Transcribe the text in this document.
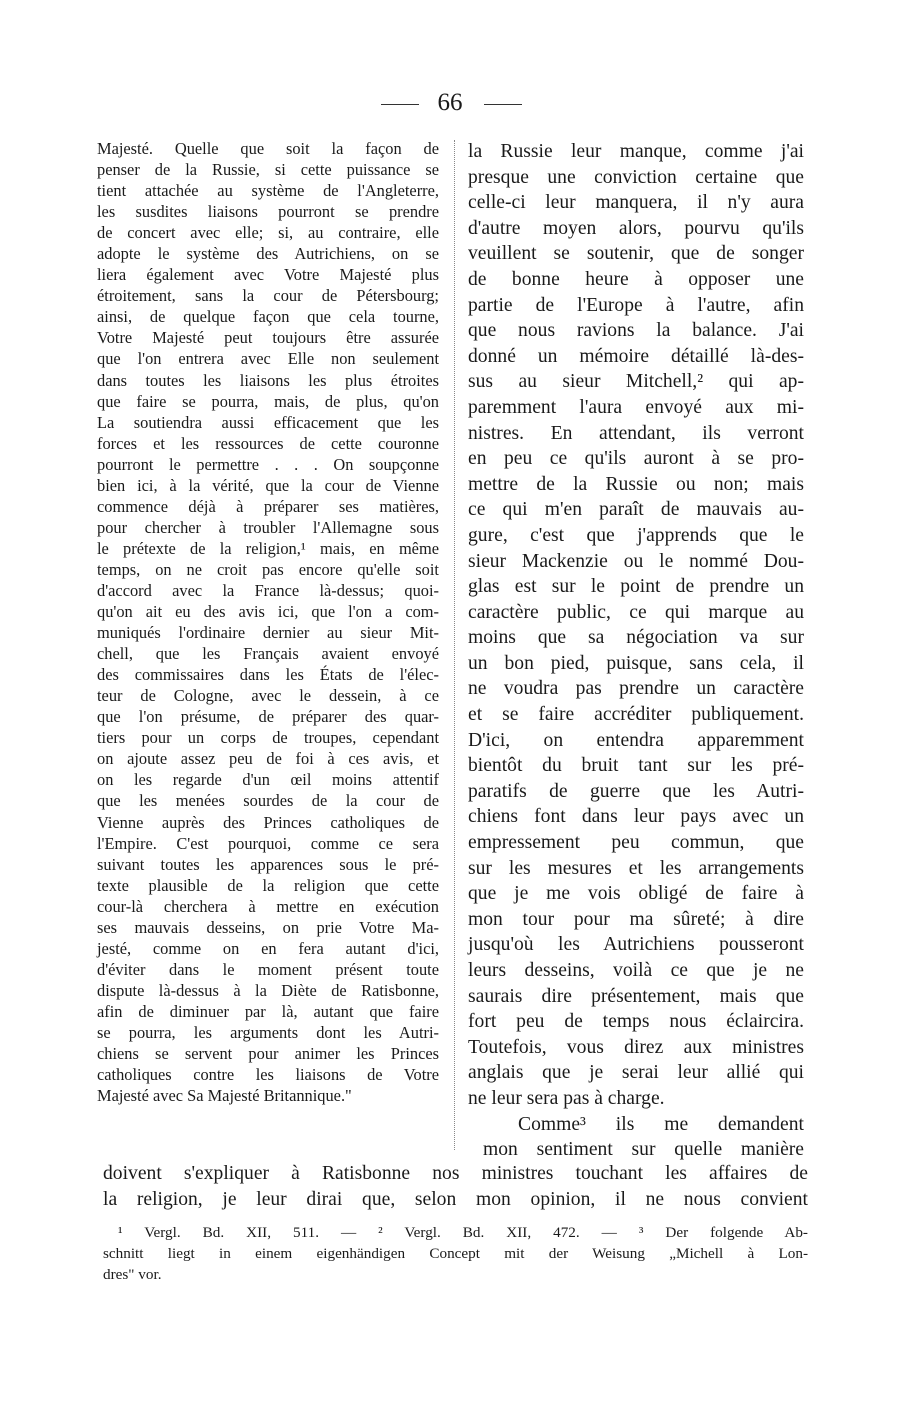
66
Majesté. Quelle que soit la façon de
penser de la Russie, si cette puissance se
tient attachée au système de l'Angleterre,
les susdites liaisons pourront se prendre
de concert avec elle; si, au contraire, elle
adopte le système des Autrichiens, on se
liera également avec Votre Majesté plus
étroitement, sans la cour de Pétersbourg;
ainsi, de quelque façon que cela tourne,
Votre Majesté peut toujours être assurée
que l'on entrera avec Elle non seulement
dans toutes les liaisons les plus étroites
que faire se pourra, mais, de plus, qu'on
La soutiendra aussi efficacement que les
forces et les ressources de cette couronne
pourront le permettre . . . On soupçonne
bien ici, à la vérité, que la cour de Vienne
commence déjà à préparer ses matières,
pour chercher à troubler l'Allemagne sous
le prétexte de la religion,¹ mais, en même
temps, on ne croit pas encore qu'elle soit
d'accord avec la France là-dessus; quoi-
qu'on ait eu des avis ici, que l'on a com-
muniqués l'ordinaire dernier au sieur Mit-
chell, que les Français avaient envoyé
des commissaires dans les États de l'élec-
teur de Cologne, avec le dessein, à ce
que l'on présume, de préparer des quar-
tiers pour un corps de troupes, cependant
on ajoute assez peu de foi à ces avis, et
on les regarde d'un œil moins attentif
que les menées sourdes de la cour de
Vienne auprès des Princes catholiques de
l'Empire. C'est pourquoi, comme ce sera
suivant toutes les apparences sous le pré-
texte plausible de la religion que cette
cour-là cherchera à mettre en exécution
ses mauvais desseins, on prie Votre Ma-
jesté, comme on en fera autant d'ici,
d'éviter dans le moment présent toute
dispute là-dessus à la Diète de Ratisbonne,
afin de diminuer par là, autant que faire
se pourra, les arguments dont les Autri-
chiens se servent pour animer les Princes
catholiques contre les liaisons de Votre
Majesté avec Sa Majesté Britannique."
la Russie leur manque, comme j'ai
presque une conviction certaine que
celle-ci leur manquera, il n'y aura
d'autre moyen alors, pourvu qu'ils
veuillent se soutenir, que de songer
de bonne heure à opposer une
partie de l'Europe à l'autre, afin
que nous ravions la balance. J'ai
donné un mémoire détaillé là-des-
sus au sieur Mitchell,² qui ap-
paremment l'aura envoyé aux mi-
nistres. En attendant, ils verront
en peu ce qu'ils auront à se pro-
mettre de la Russie ou non; mais
ce qui m'en paraît de mauvais au-
gure, c'est que j'apprends que le
sieur Mackenzie ou le nommé Dou-
glas est sur le point de prendre un
caractère public, ce qui marque au
moins que sa négociation va sur
un bon pied, puisque, sans cela, il
ne voudra pas prendre un caractère
et se faire accréditer publiquement.
D'ici, on entendra apparemment
bientôt du bruit tant sur les pré-
paratifs de guerre que les Autri-
chiens font dans leur pays avec un
empressement peu commun, que
sur les mesures et les arrangements
que je me vois obligé de faire à
mon tour pour ma sûreté; à dire
jusqu'où les Autrichiens pousseront
leurs desseins, voilà ce que je ne
saurais dire présentement, mais que
fort peu de temps nous éclaircira.
Toutefois, vous direz aux ministres
anglais que je serai leur allié qui
ne leur sera pas à charge.
Comme³ ils me demandent
mon sentiment sur quelle manière
doivent s'expliquer à Ratisbonne nos ministres touchant les affaires de
la religion, je leur dirai que, selon mon opinion, il ne nous convient
¹ Vergl. Bd. XII, 511. — ² Vergl. Bd. XII, 472. — ³ Der folgende Ab-
schnitt liegt in einem eigenhändigen Concept mit der Weisung „Michell à Lon-
dres" vor.
